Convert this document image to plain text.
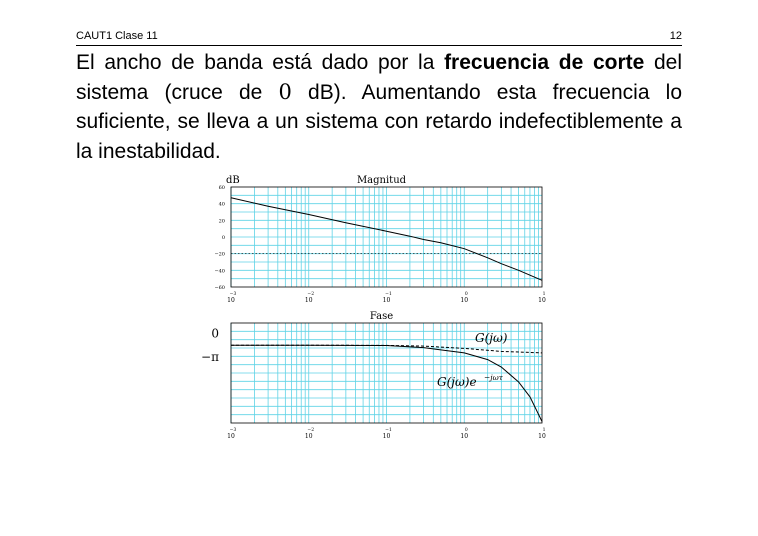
CAUT1 Clase 11	12
El ancho de banda está dado por la frecuencia de corte del sistema (cruce de 0 dB). Aumentando esta frecuencia lo suficiente, se lleva a un sistema con retardo indefectiblemente a la inestabilidad.
Magnitud
dB
10
−3
10
−2
10
−1
10
0
10
1
60
40
20
0
−20
−40
−60
Fase
10
−3
10
−2
10
−1
10
0
10
1
0
−π
G(jω)
G(jω)e −jωτ
